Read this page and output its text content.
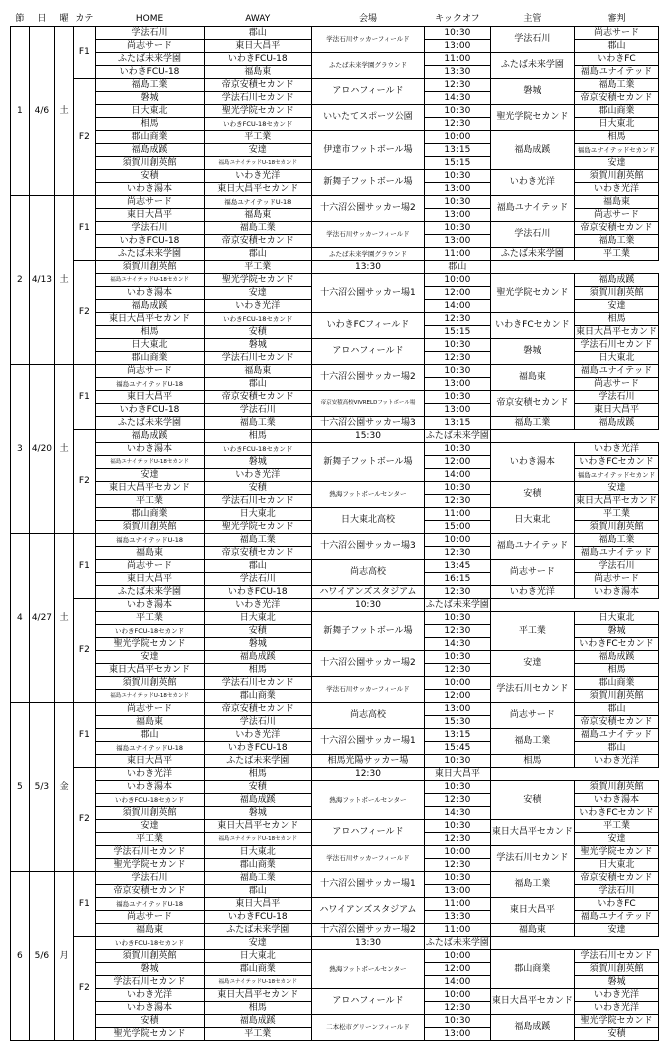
節	日	曜	カテ	HOME	AWAY	会場	キックオフ	主管	審判
1	4/6	土	F1	学法石川	郡山	学法石川サッカーフィールド	10:30	学法石川	尚志サード
				尚志サード	東日大昌平		13:00		郡山
				ふたば未来学園	いわきFCU-18	ふたば未来学園グラウンド	11:00	ふたば未来学園	いわきFC
				いわきFCU-18	福島東		13:30		福島ユナイテッド
			F2	福島工業	帝京安積セカンド	アロハフィールド	12:30	磐城	福島工業
				磐城	学法石川セカンド		14:30		帝京安積セカンド
				日大東北	聖光学院セカンド	いいたてスポーツ公園	10:30	聖光学院セカンド	郡山商業
				相馬	いわきFCU-18セカンド		12:30		日大東北
				郡山商業	平工業	伊達市フットボール場	10:00	福島成蹊	相馬
				福島成蹊	安達		13:15		福島ユナイテッドセカンド
				須賀川創英館	福島ユナイテッドU-18セカンド		15:15		安達
				安積	いわき光洋	新舞子フットボール場	10:30	いわき光洋	須賀川創英館
				いわき湯本	東日大昌平セカンド		13:00		いわき光洋
2	4/13	土	F1	尚志サード	福島ユナイテッドU-18	十六沼公園サッカー場2	10:30	福島ユナイテッド	福島東
				東日大昌平	福島東		13:00		尚志サード
				学法石川	福島工業	学法石川サッカーフィールド	10:30	学法石川	帝京安積セカンド
				いわきFCU-18	帝京安積セカンド		13:00		福島工業
				ふたば未来学園	郡山	ふたば未来学園グラウンド	11:00	ふたば未来学園	平工業
			F2	須賀川創英館	平工業	13:30	郡山		
				福島ユナイテッドU-18セカンド	聖光学院セカンド	十六沼公園サッカー場1	10:00	聖光学院セカンド	福島成蹊
				いわき湯本	安達		12:00		須賀川創英館
				福島成蹊	いわき光洋		14:00		安達
				東日大昌平セカンド	いわきFCU-18セカンド	いわきFCフィールド	12:30	いわきFCセカンド	相馬
				相馬	安積		15:15		東日大昌平セカンド
				日大東北	磐城	アロハフィールド	10:30	磐城	学法石川セカンド
				郡山商業	学法石川セカンド		12:30		日大東北
3	4/20	土	F1	尚志サード	福島東	十六沼公園サッカー場2	10:30	福島東	福島ユナイテッド
				福島ユナイテッドU-18	郡山		13:00		尚志サード
				東日大昌平	帝京安積セカンド	帝京安積高校VIVRELDフットボール場	10:30	帝京安積セカンド	学法石川
				いわきFCU-18	学法石川		13:00		東日大昌平
				ふたば未来学園	福島工業	十六沼公園サッカー場3	13:15	福島工業	福島成蹊
			F2	福島成蹊	相馬	15:30	ふたば未来学園		
				いわき湯本	いわきFCU-18セカンド	新舞子フットボール場	10:30	いわき湯本	いわき光洋
				福島ユナイテッドU-18セカンド	磐城		12:00		いわきFCセカンド
				安達	いわき光洋		14:00		福島ユナイテッドセカンド
				東日大昌平セカンド	安積	熱海フットボールセンター	10:30	安積	安達
				平工業	学法石川セカンド		12:30		東日大昌平セカンド
				郡山商業	日大東北	日大東北高校	11:00	日大東北	平工業
				須賀川創英館	聖光学院セカンド		15:00		須賀川創英館
4	4/27	土	F1	福島ユナイテッドU-18	福島工業	十六沼公園サッカー場3	10:00	福島ユナイテッド	福島工業
				福島東	帝京安積セカンド		12:30		福島ユナイテッド
				尚志サード	郡山	尚志高校	13:45	尚志サード	学法石川
				東日大昌平	学法石川		16:15		尚志サード
				ふたば未来学園	いわきFCU-18	ハワイアンズスタジアム	12:30	いわき光洋	いわき湯本
			F2	いわき湯本	いわき光洋	10:30	ふたば未来学園		
				平工業	日大東北	新舞子フットボール場	10:30	平工業	日大東北
				いわきFCU-18セカンド	安積		12:30		磐城
				聖光学院セカンド	磐城		14:30		いわきFCセカンド
				安達	福島成蹊	十六沼公園サッカー場2	10:30	安達	福島成蹊
				東日大昌平セカンド	相馬		12:30		相馬
				須賀川創英館	学法石川セカンド	学法石川サッカーフィールド	10:00	学法石川セカンド	郡山商業
				福島ユナイテッドU-18セカンド	郡山商業		12:00		須賀川創英館
5	5/3	金	F1	尚志サード	帝京安積セカンド	尚志高校	13:00	尚志サード	郡山
				福島東	学法石川		15:30		帝京安積セカンド
				郡山	いわき光洋	十六沼公園サッカー場1	13:15	福島工業	福島ユナイテッド
				福島ユナイテッドU-18	いわきFCU-18		15:45		郡山
				東日大昌平	ふたば未来学園	相馬光陽サッカー場	10:30	相馬	いわき光洋
			F2	いわき光洋	相馬	12:30	東日大昌平		
				いわき湯本	安積	熱海フットボールセンター	10:30	安積	須賀川創英館
				いわきFCU-18セカンド	福島成蹊		12:30		いわき湯本
				須賀川創英館	磐城		14:30		いわきFCセカンド
				安達	東日大昌平セカンド	アロハフィールド	10:30	東日大昌平セカンド	平工業
				平工業	福島ユナイテッドU-18セカンド		12:30		安達
				学法石川セカンド	日大東北	学法石川サッカーフィールド	10:00	学法石川セカンド	聖光学院セカンド
				聖光学院セカンド	郡山商業		12:30		日大東北
6	5/6	月	F1	学法石川	福島工業	十六沼公園サッカー場1	10:30	福島工業	帝京安積セカンド
				帝京安積セカンド	郡山		13:00		学法石川
				福島ユナイテッドU-18	東日大昌平	ハワイアンズスタジアム	11:00	東日大昌平	いわきFC
				尚志サード	いわきFCU-18		13:30		福島ユナイテッド
				福島東	ふたば未来学園	十六沼公園サッカー場2	11:00	福島東	安達
			F2	いわきFCU-18セカンド	安達	13:30	ふたば未来学園		
				須賀川創英館	日大東北	熱海フットボールセンター	10:00	郡山商業	学法石川セカンド
				磐城	郡山商業		12:00		須賀川創英館
				学法石川セカンド	福島ユナイテッドU-18セカンド		14:00		磐城
				いわき光洋	東日大昌平セカンド	アロハフィールド	10:00	東日大昌平セカンド	いわき光洋
				いわき湯本	相馬		12:30		いわき光洋
				安積	福島成蹊	二本松市グリーンフィールド	10:30	福島成蹊	聖光学院セカンド
				聖光学院セカンド	平工業		13:00		安積
